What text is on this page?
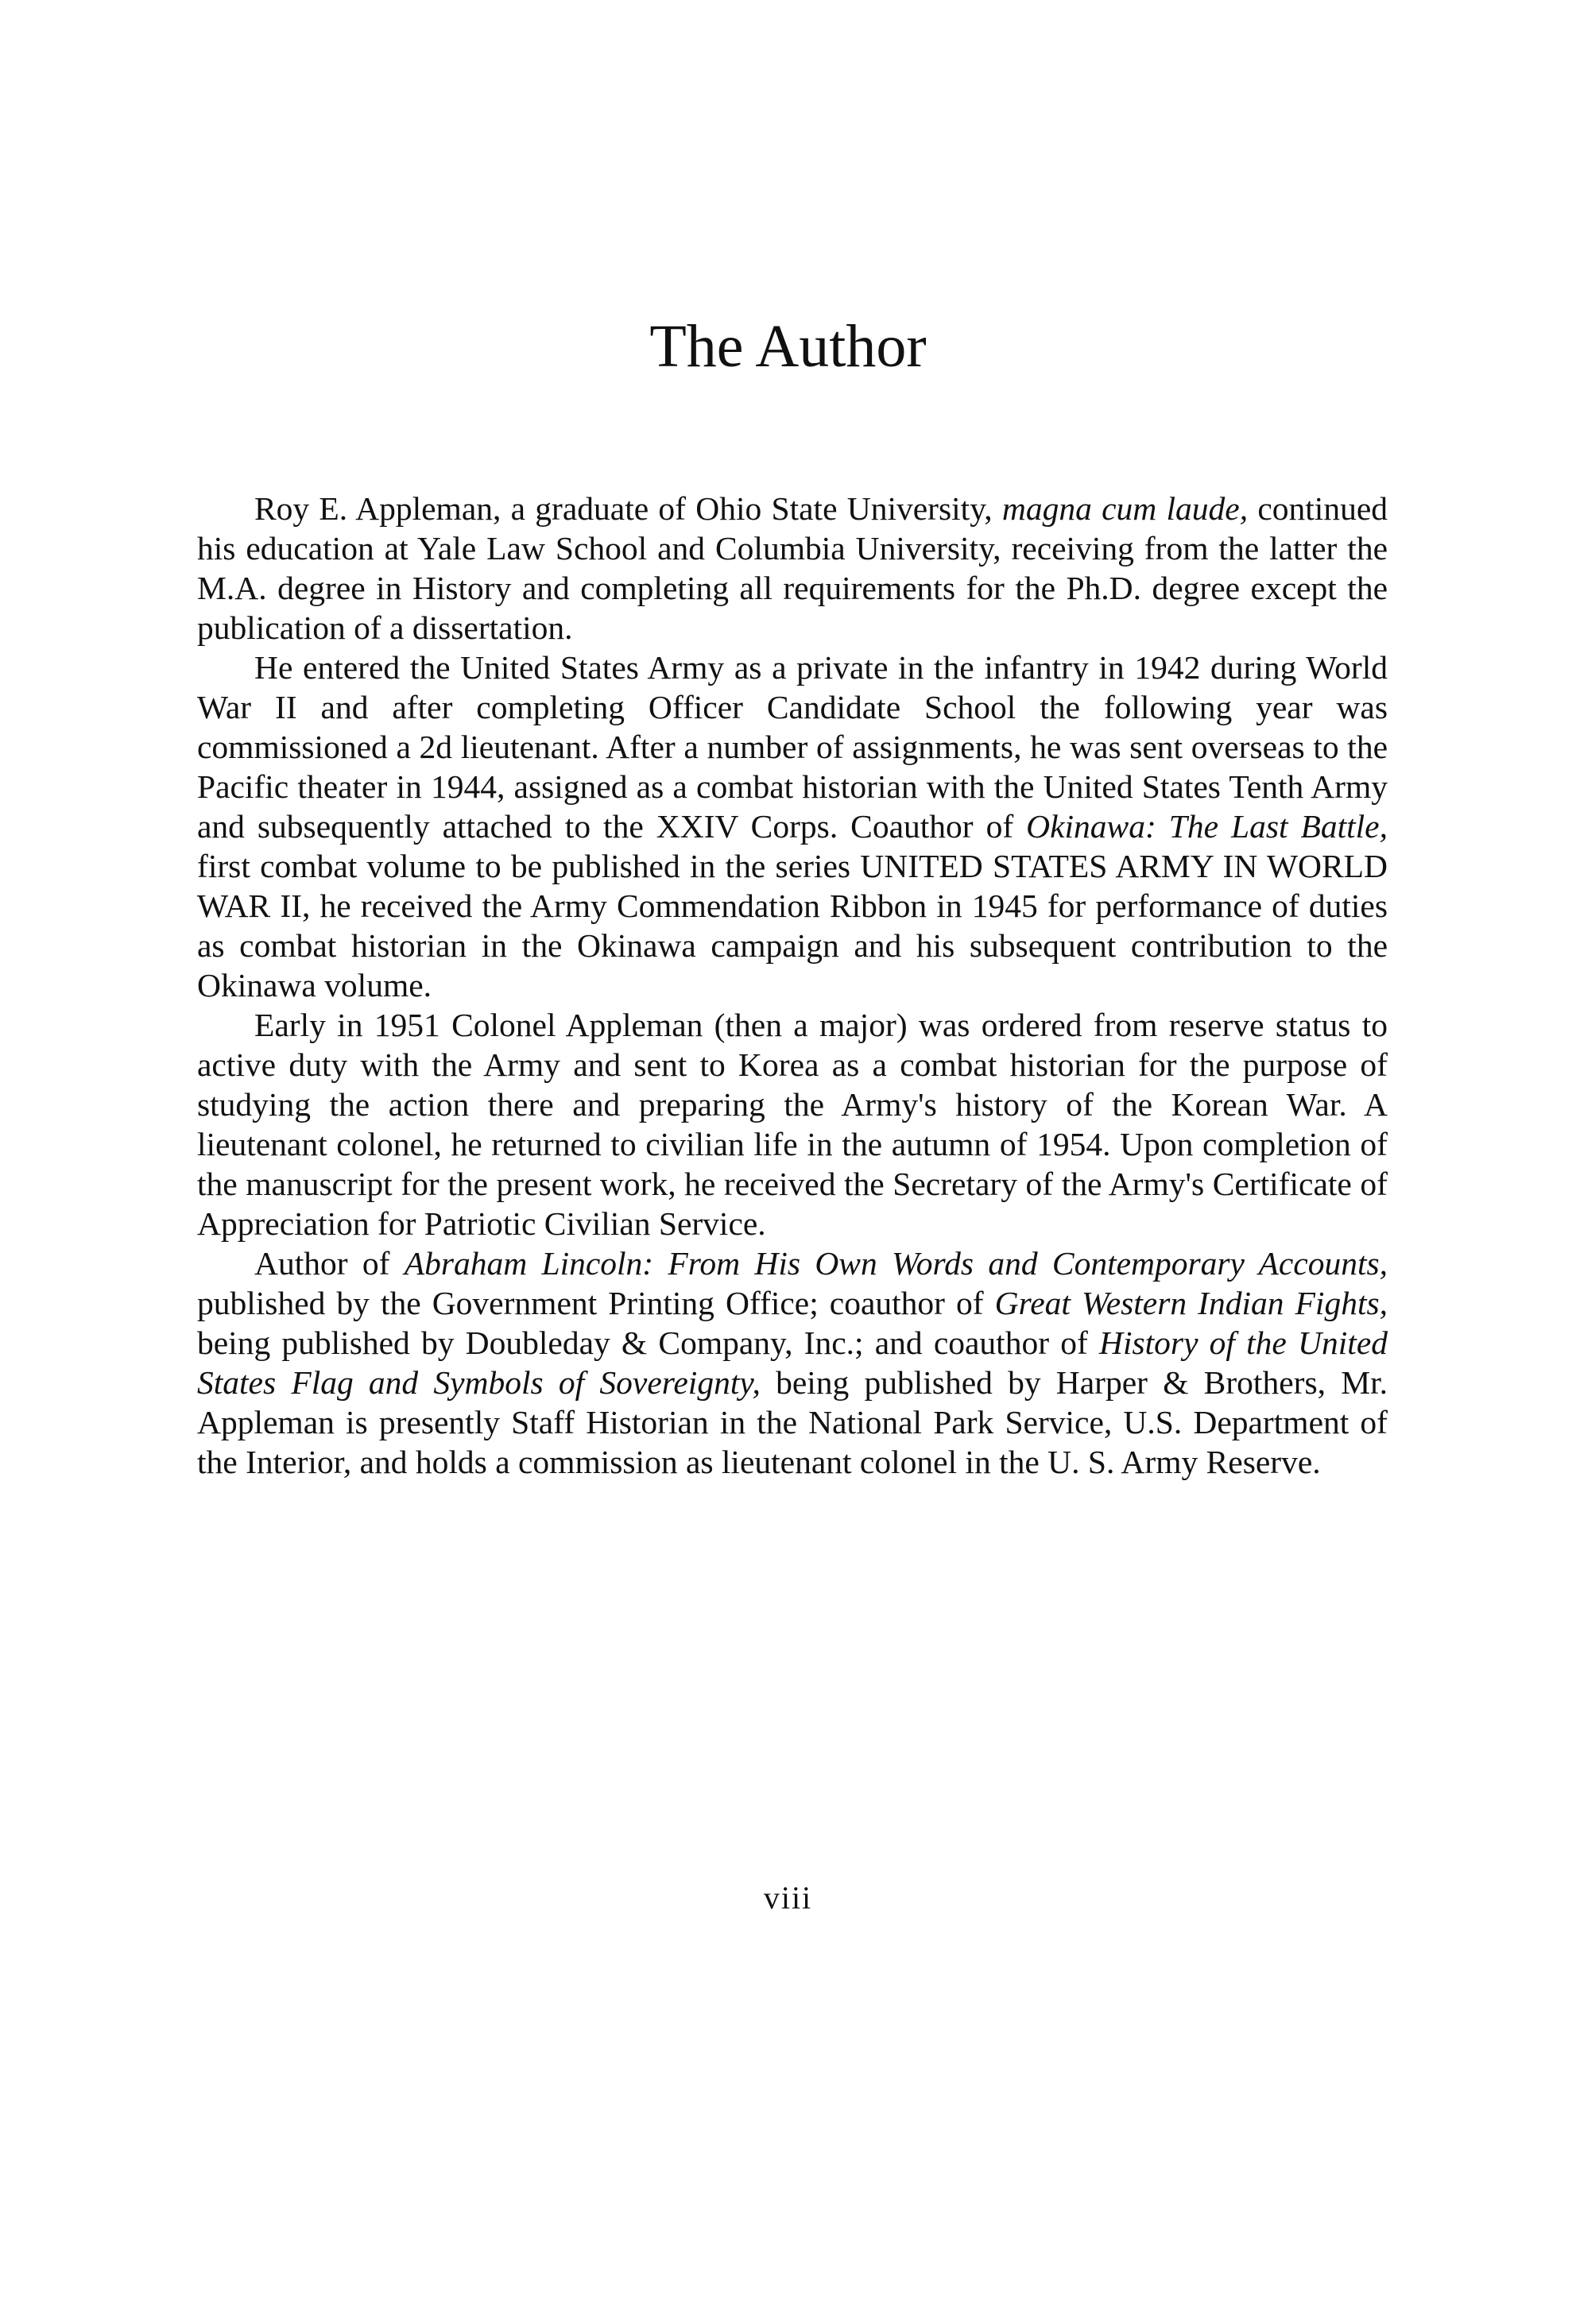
The Author

Roy E. Appleman, a graduate of Ohio State University, magna cum laude, continued his education at Yale Law School and Columbia University, receiving from the latter the M.A. degree in History and completing all requirements for the Ph.D. degree except the publication of a dissertation.

He entered the United States Army as a private in the infantry in 1942 during World War II and after completing Officer Candidate School the following year was commissioned a 2d lieutenant. After a number of assignments, he was sent overseas to the Pacific theater in 1944, assigned as a combat historian with the United States Tenth Army and subsequently attached to the XXIV Corps. Coauthor of Okinawa: The Last Battle, first combat volume to be published in the series UNITED STATES ARMY IN WORLD WAR II, he received the Army Commendation Ribbon in 1945 for performance of duties as combat historian in the Okinawa campaign and his subsequent contribution to the Okinawa volume.

Early in 1951 Colonel Appleman (then a major) was ordered from reserve status to active duty with the Army and sent to Korea as a combat historian for the purpose of studying the action there and preparing the Army's history of the Korean War. A lieutenant colonel, he returned to civilian life in the autumn of 1954. Upon completion of the manuscript for the present work, he received the Secretary of the Army's Certificate of Appreciation for Patriotic Civilian Service.

Author of Abraham Lincoln: From His Own Words and Contemporary Accounts, published by the Government Printing Office; coauthor of Great Western Indian Fights, being published by Doubleday & Company, Inc.; and coauthor of History of the United States Flag and Symbols of Sovereignty, being published by Harper & Brothers, Mr. Appleman is presently Staff Historian in the National Park Service, U.S. Department of the Interior, and holds a commission as lieutenant colonel in the U. S. Army Reserve.

viii
